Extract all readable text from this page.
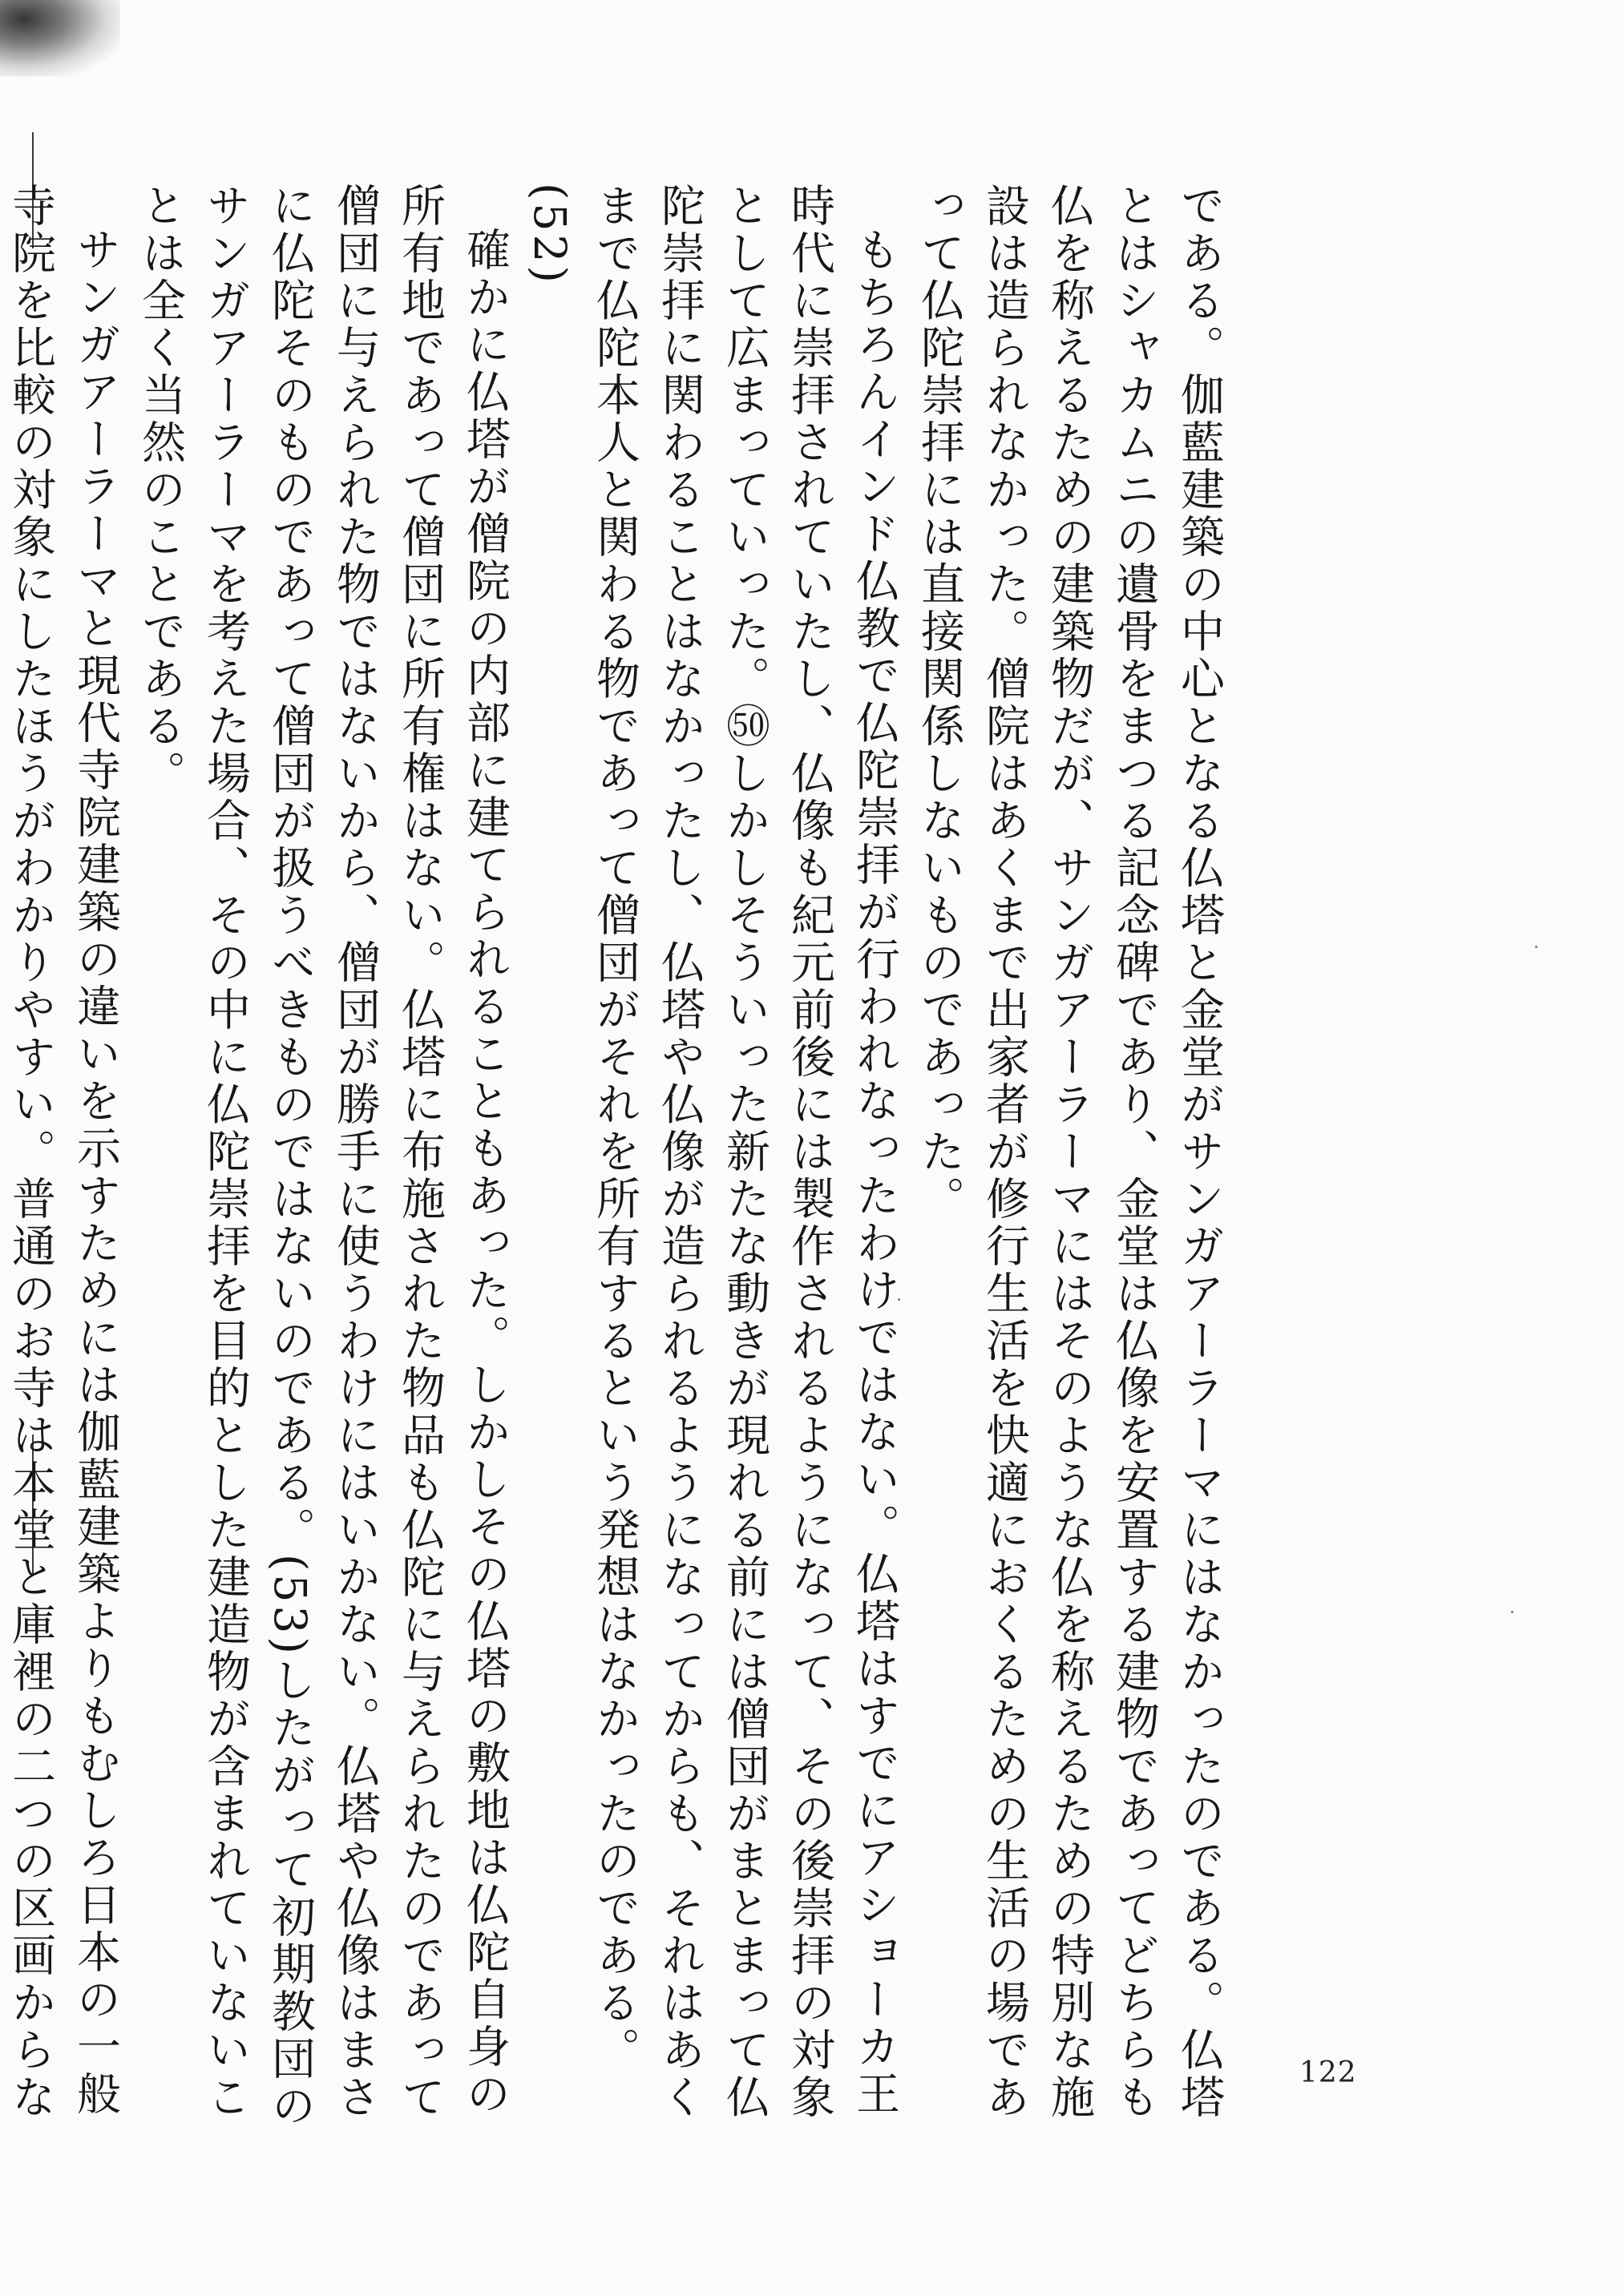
である。伽藍建築の中心となる仏塔と金堂がサンガアーラーマにはなかったのである。仏塔とはシャカムニの遺骨をまつる記念碑であり、金堂は仏像を安置する建物であってどちらも仏を称えるための建築物だが、サンガアーラーマにはそのような仏を称えるための特別な施設は造られなかった。僧院はあくまで出家者が修行生活を快適におくるための生活の場であって仏陀崇拝には直接関係しないものであった。

もちろんインド仏教で仏陀崇拝が行われなったわけではない。仏塔はすでにアショーカ王時代に崇拝されていたし、仏像も紀元前後には製作されるようになって、その後崇拝の対象として広まっていった。㊿しかしそういった新たな動きが現れる前には僧団がまとまって仏陀崇拝に関わることはなかったし、仏塔や仏像が造られるようになってからも、それはあくまで仏陀本人と関わる物であって僧団がそれを所有するという発想はなかったのである。(52)

確かに仏塔が僧院の内部に建てられることもあった。しかしその仏塔の敷地は仏陀自身の所有地であって僧団に所有権はない。仏塔に布施された物品も仏陀に与えられたのであって僧団に与えられた物ではないから、僧団が勝手に使うわけにはいかない。仏塔や仏像はまさに仏陀そのものであって僧団が扱うべきものではないのである。(53)したがって初期教団のサンガアーラーマを考えた場合、その中に仏陀崇拝を目的とした建造物が含まれていないことは全く当然のことである。

サンガアーラーマと現代寺院建築の違いを示すためには伽藍建築よりもむしろ日本の一般寺院を比較の対象にしたほうがわかりやすい。普通のお寺は本堂と庫裡の二つの区画からな

122
